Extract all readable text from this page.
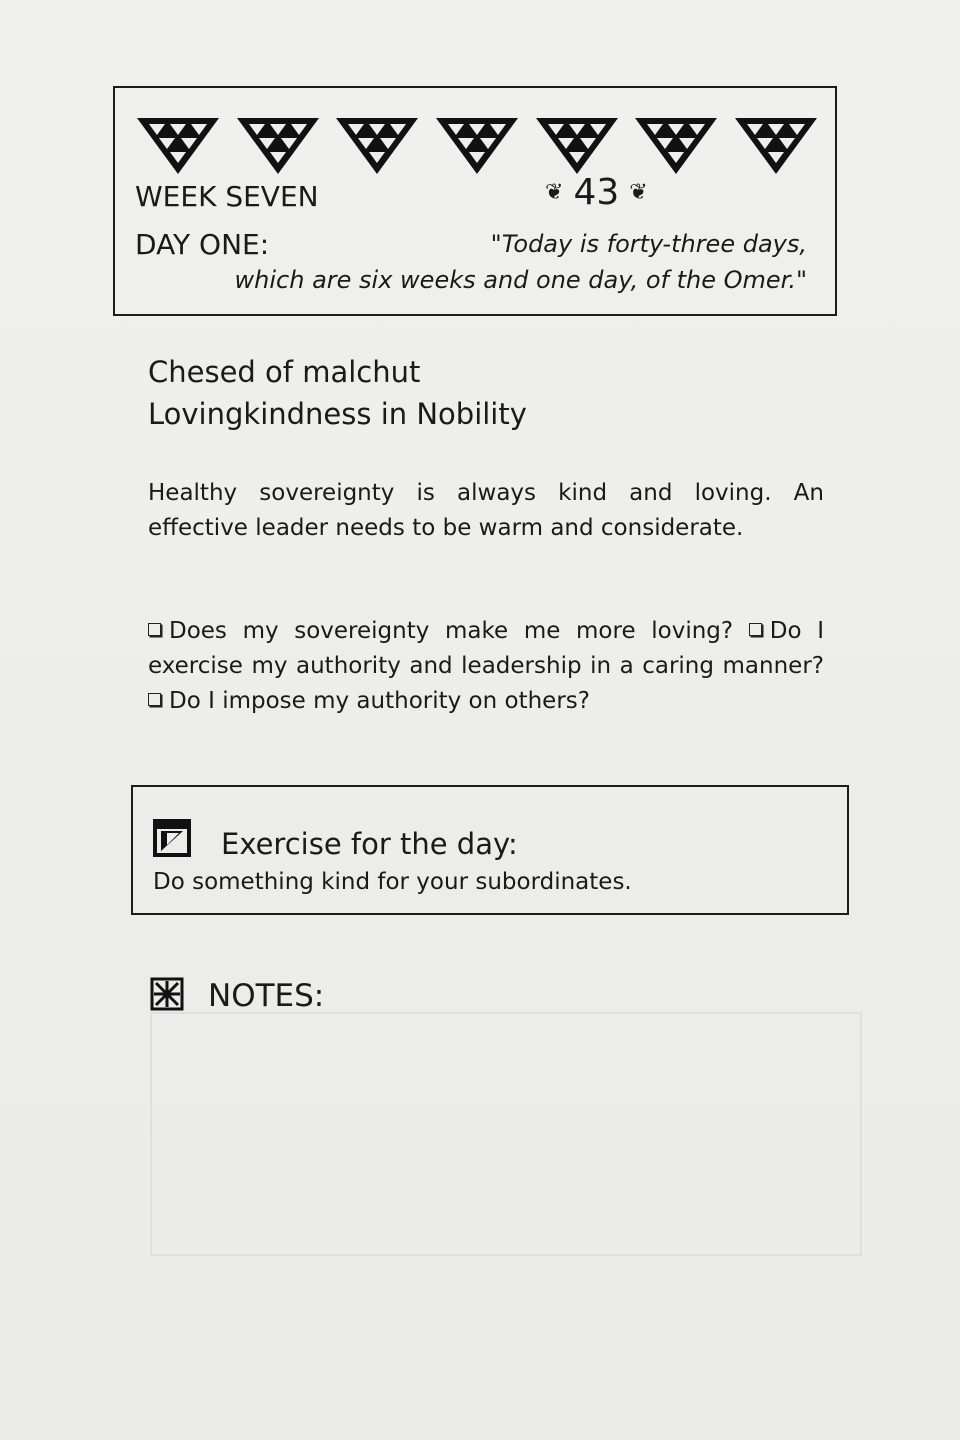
WEEK SEVEN	❦ 43 ❦
DAY ONE:	"Today is forty-three days,
which are six weeks and one day, of the Omer."
Chesed of malchut
Lovingkindness in Nobility
Healthy sovereignty is always kind and loving. An effective leader needs to be warm and considerate.
Does my sovereignty make me more loving? Do I exercise my authority and leadership in a caring manner? Do I impose my authority on others?
Exercise for the day:
Do something kind for your subordinates.
NOTES:
